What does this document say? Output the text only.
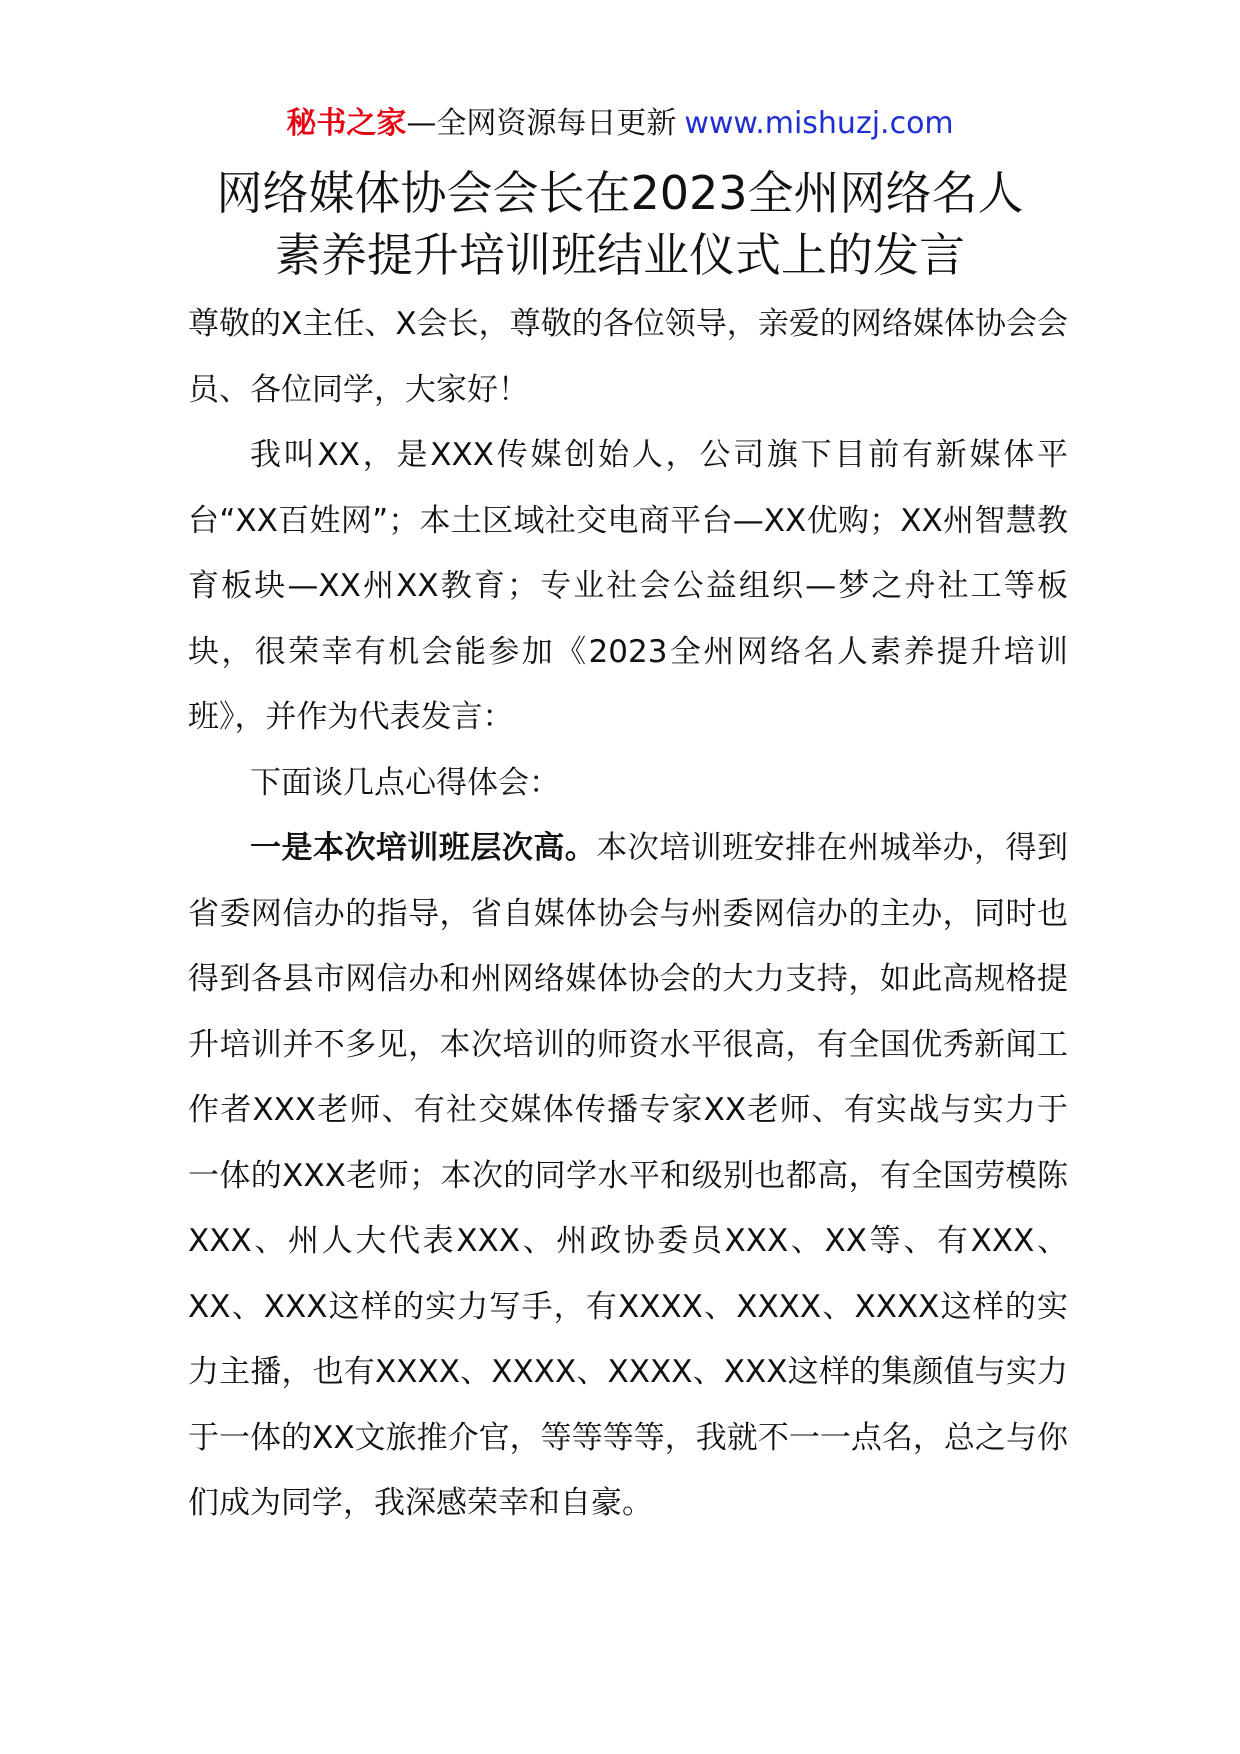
秘书之家—全网资源每日更新 www.mishuzj.com
网络媒体协会会长在2023全州网络名人
素养提升培训班结业仪式上的发言

尊敬的X主任、X会长，尊敬的各位领导，亲爱的网络媒体协会会员、各位同学，大家好！

我叫XX，是XXX传媒创始人，公司旗下目前有新媒体平台“XX百姓网”；本土区域社交电商平台—XX优购；XX州智慧教育板块—XX州XX教育；专业社会公益组织—梦之舟社工等板块，很荣幸有机会能参加《2023全州网络名人素养提升培训班》，并作为代表发言：

下面谈几点心得体会：

一是本次培训班层次高。本次培训班安排在州城举办，得到省委网信办的指导，省自媒体协会与州委网信办的主办，同时也得到各县市网信办和州网络媒体协会的大力支持，如此高规格提升培训并不多见，本次培训的师资水平很高，有全国优秀新闻工作者XXX老师、有社交媒体传播专家XX老师、有实战与实力于一体的XXX老师；本次的同学水平和级别也都高，有全国劳模陈XXX、州人大代表XXX、州政协委员XXX、XX等、有XXX、XX、XXX这样的实力写手，有XXXX、XXXX、XXXX这样的实力主播，也有XXXX、XXXX、XXXX、XXX这样的集颜值与实力于一体的XX文旅推介官，等等等等，我就不一一点名，总之与你们成为同学，我深感荣幸和自豪。
